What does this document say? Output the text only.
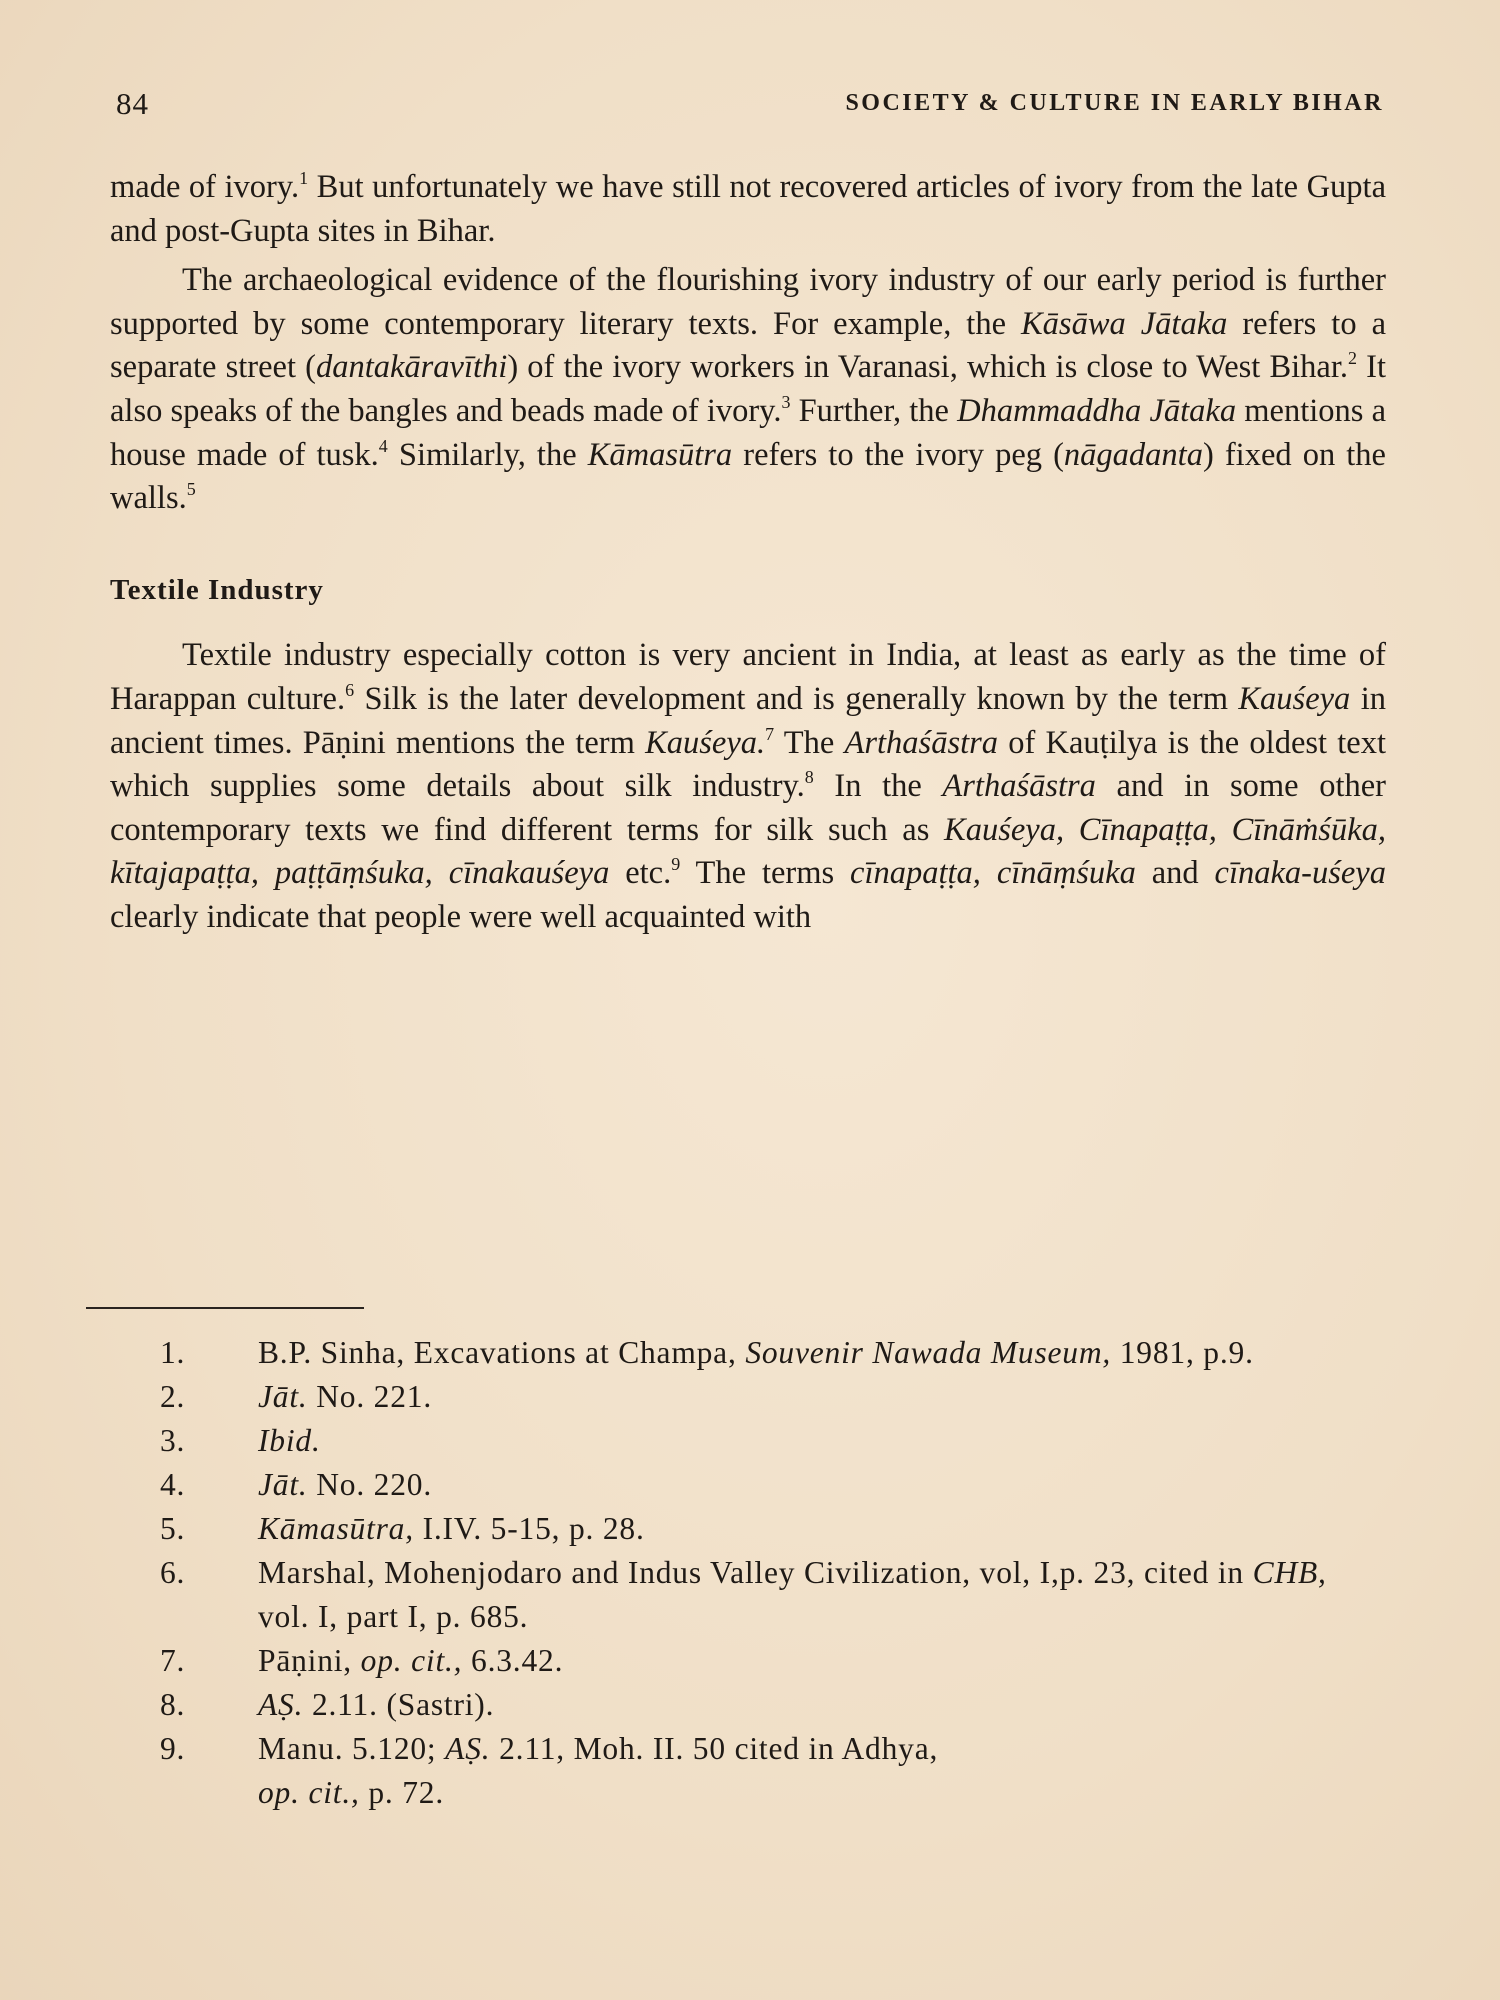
84	SOCIETY & CULTURE IN EARLY BIHAR

made of ivory.$^1$ But unfortunately we have still not recovered articles of ivory from the late Gupta and post-Gupta sites in Bihar.

The archaeological evidence of the flourishing ivory industry of our early period is further supported by some contemporary literary texts. For example, the Kāsāwa Jātaka refers to a separate street (dantakāravīthi) of the ivory workers in Varanasi, which is close to West Bihar.$^2$ It also speaks of the bangles and beads made of ivory.$^3$ Further, the Dhammaddha Jātaka mentions a house made of tusk.$^4$ Similarly, the Kāmasūtra refers to the ivory peg (nāgadanta) fixed on the walls.$^5$

Textile Industry

Textile industry especially cotton is very ancient in India, at least as early as the time of Harappan culture.$^6$ Silk is the later development and is generally known by the term Kauśeya in ancient times. Pāṇini mentions the term Kauśeya.$^7$ The Arthaśāstra of Kauṭilya is the oldest text which supplies some details about silk industry.$^8$ In the Arthaśāstra and in some other contemporary texts we find different terms for silk such as Kauśeya, Cīnapaṭṭa, Cīnāṁśūka, kītajapaṭṭa, paṭṭāṃśuka, cīnakauśeya etc.$^9$ The terms cīnapaṭṭa, cīnāṃśuka and cīnaka-uśeya clearly indicate that people were well acquainted with

1.	B.P. Sinha, Excavations at Champa, Souvenir Nawada Museum, 1981, p.9.
2.	Jāt. No. 221.
3.	Ibid.
4.	Jāt. No. 220.
5.	Kāmasūtra, I.IV. 5-15, p. 28.
6.	Marshal, Mohenjodaro and Indus Valley Civilization, vol, I,p. 23, cited in CHB, vol. I, part I, p. 685.
7.	Pāṇini, op. cit., 6.3.42.
8.	AṢ. 2.11. (Sastri).
9.	Manu. 5.120; AṢ. 2.11, Moh. II. 50 cited in Adhya,
op. cit., p. 72.
